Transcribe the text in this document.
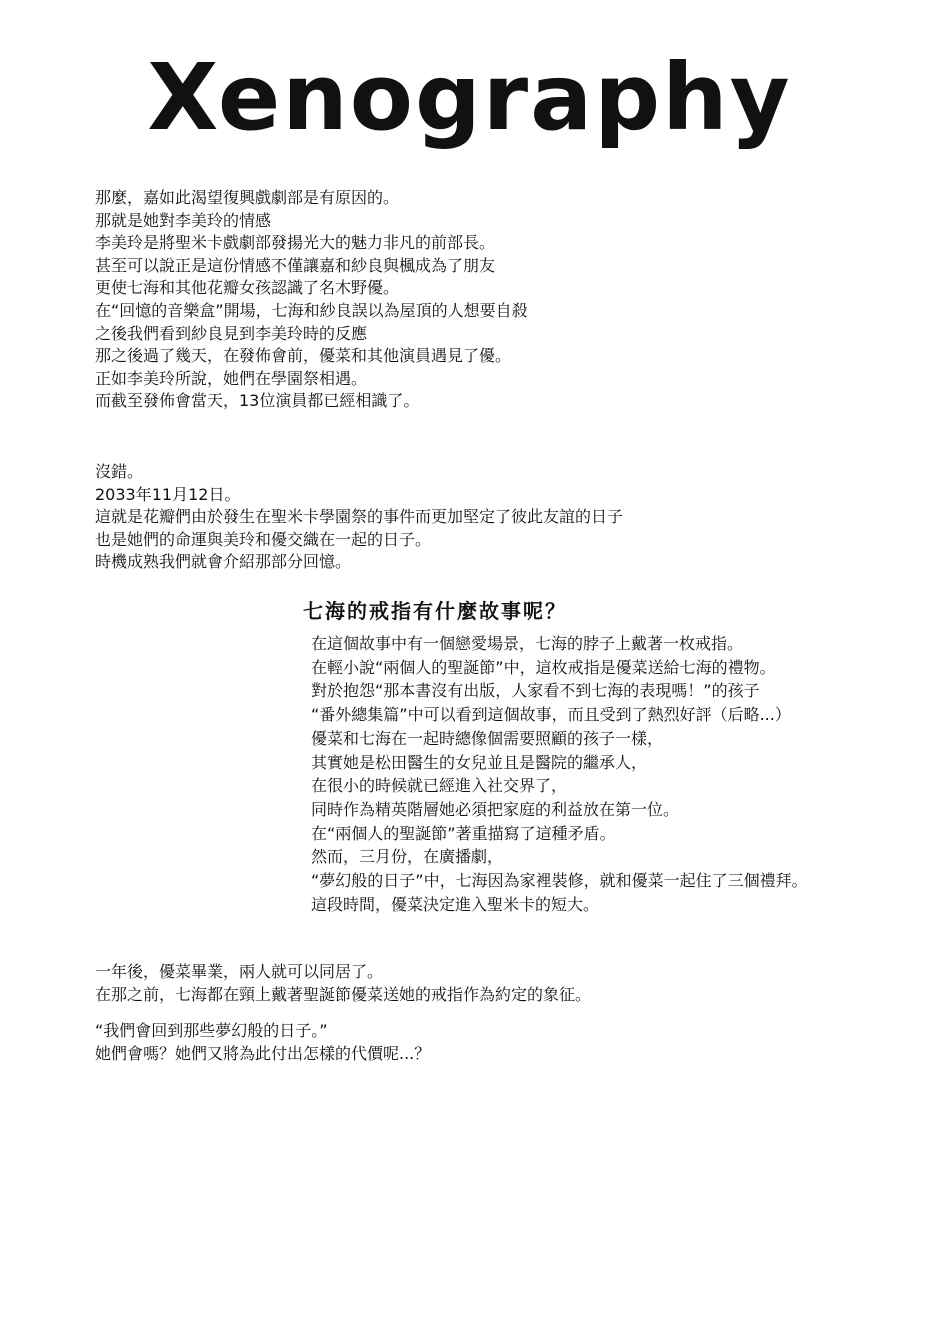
Xenography
那麼，嘉如此渴望復興戲劇部是有原因的。
那就是她對李美玲的情感
李美玲是將聖米卡戲劇部發揚光大的魅力非凡的前部長。
甚至可以說正是這份情感不僅讓嘉和紗良與楓成為了朋友
更使七海和其他花瓣女孩認識了名木野優。
在“回憶的音樂盒”開場，七海和紗良誤以為屋頂的人想要自殺
之後我們看到紗良見到李美玲時的反應
那之後過了幾天，在發佈會前，優菜和其他演員遇見了優。
正如李美玲所說，她們在學園祭相遇。
而截至發佈會當天，13位演員都已經相識了。
沒錯。
2033年11月12日。
這就是花瓣們由於發生在聖米卡學園祭的事件而更加堅定了彼此友誼的日子
也是她們的命運與美玲和優交織在一起的日子。
時機成熟我們就會介紹那部分回憶。
七海的戒指有什麼故事呢？
在這個故事中有一個戀愛場景，七海的脖子上戴著一枚戒指。
在輕小說“兩個人的聖誕節”中，這枚戒指是優菜送給七海的禮物。
對於抱怨“那本書沒有出版，人家看不到七海的表現嗎！”的孩子
“番外總集篇”中可以看到這個故事，而且受到了熱烈好評（后略...）
優菜和七海在一起時總像個需要照顧的孩子一樣，
其實她是松田醫生的女兒並且是醫院的繼承人，
在很小的時候就已經進入社交界了，
同時作為精英階層她必須把家庭的利益放在第一位。
在“兩個人的聖誕節”著重描寫了這種矛盾。
然而，三月份，在廣播劇，
“夢幻般的日子”中，七海因為家裡裝修，就和優菜一起住了三個禮拜。
這段時間，優菜決定進入聖米卡的短大。
一年後，優菜畢業，兩人就可以同居了。
在那之前，七海都在頸上戴著聖誕節優菜送她的戒指作為約定的象征。
“我們會回到那些夢幻般的日子。”
她們會嗎？她們又將為此付出怎樣的代價呢...？
